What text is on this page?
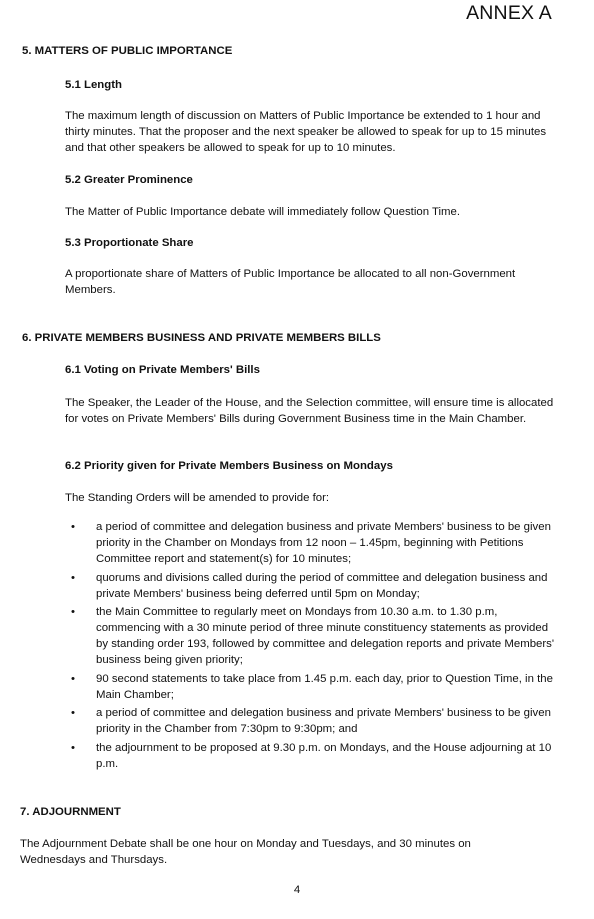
ANNEX A
5. MATTERS OF PUBLIC IMPORTANCE
5.1 Length

The maximum length of discussion on Matters of Public Importance be extended to 1 hour and thirty minutes. That the proposer and the next speaker be allowed to speak for up to 15 minutes and that other speakers be allowed to speak for up to 10 minutes.

5.2 Greater Prominence

The Matter of Public Importance debate will immediately follow Question Time.

5.3 Proportionate Share

A proportionate share of Matters of Public Importance be allocated to all non-Government Members.

6. PRIVATE MEMBERS BUSINESS AND PRIVATE MEMBERS BILLS
6.1 Voting on Private Members' Bills

The Speaker, the Leader of the House, and the Selection committee, will ensure time is allocated for votes on Private Members' Bills during Government Business time in the Main Chamber.

6.2 Priority given for Private Members Business on Mondays

The Standing Orders will be amended to provide for:

• a period of committee and delegation business and private Members' business to be given priority in the Chamber on Mondays from 12 noon – 1.45pm, beginning with Petitions Committee report and statement(s) for 10 minutes;
• quorums and divisions called during the period of committee and delegation business and private Members' business being deferred until 5pm on Monday;
• the Main Committee to regularly meet on Mondays from 10.30 a.m. to 1.30 p.m, commencing with a 30 minute period of three minute constituency statements as provided by standing order 193, followed by committee and delegation reports and private Members' business being given priority;
• 90 second statements to take place from 1.45 p.m. each day, prior to Question Time, in the Main Chamber;
• a period of committee and delegation business and private Members' business to be given priority in the Chamber from 7:30pm to 9:30pm; and
• the adjournment to be proposed at 9.30 p.m. on Mondays, and the House adjourning at 10 p.m.
7. ADJOURNMENT

The Adjournment Debate shall be one hour on Monday and Tuesdays, and 30 minutes on Wednesdays and Thursdays.

4
